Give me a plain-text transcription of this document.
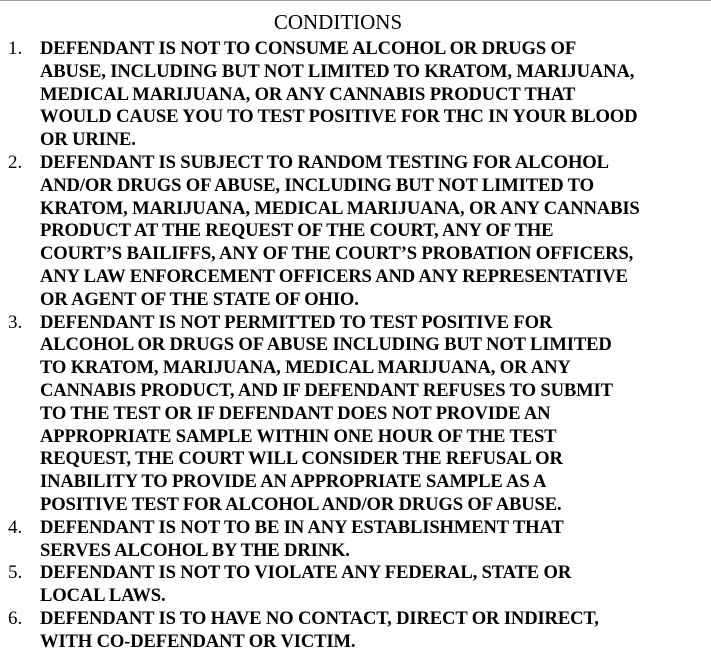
CONDITIONS
1. DEFENDANT IS NOT TO CONSUME ALCOHOL OR DRUGS OF
ABUSE, INCLUDING BUT NOT LIMITED TO KRATOM, MARIJUANA,
MEDICAL MARIJUANA, OR ANY CANNABIS PRODUCT THAT
WOULD CAUSE YOU TO TEST POSITIVE FOR THC IN YOUR BLOOD
OR URINE.
2. DEFENDANT IS SUBJECT TO RANDOM TESTING FOR ALCOHOL
AND/OR DRUGS OF ABUSE, INCLUDING BUT NOT LIMITED TO
KRATOM, MARIJUANA, MEDICAL MARIJUANA, OR ANY CANNABIS
PRODUCT AT THE REQUEST OF THE COURT, ANY OF THE
COURT’S BAILIFFS, ANY OF THE COURT’S PROBATION OFFICERS,
ANY LAW ENFORCEMENT OFFICERS AND ANY REPRESENTATIVE
OR AGENT OF THE STATE OF OHIO.
3. DEFENDANT IS NOT PERMITTED TO TEST POSITIVE FOR
ALCOHOL OR DRUGS OF ABUSE INCLUDING BUT NOT LIMITED
TO KRATOM, MARIJUANA, MEDICAL MARIJUANA, OR ANY
CANNABIS PRODUCT, AND IF DEFENDANT REFUSES TO SUBMIT
TO THE TEST OR IF DEFENDANT DOES NOT PROVIDE AN
APPROPRIATE SAMPLE WITHIN ONE HOUR OF THE TEST
REQUEST, THE COURT WILL CONSIDER THE REFUSAL OR
INABILITY TO PROVIDE AN APPROPRIATE SAMPLE AS A
POSITIVE TEST FOR ALCOHOL AND/OR DRUGS OF ABUSE.
4. DEFENDANT IS NOT TO BE IN ANY ESTABLISHMENT THAT
SERVES ALCOHOL BY THE DRINK.
5. DEFENDANT IS NOT TO VIOLATE ANY FEDERAL, STATE OR
LOCAL LAWS.
6. DEFENDANT IS TO HAVE NO CONTACT, DIRECT OR INDIRECT,
WITH CO-DEFENDANT OR VICTIM.
